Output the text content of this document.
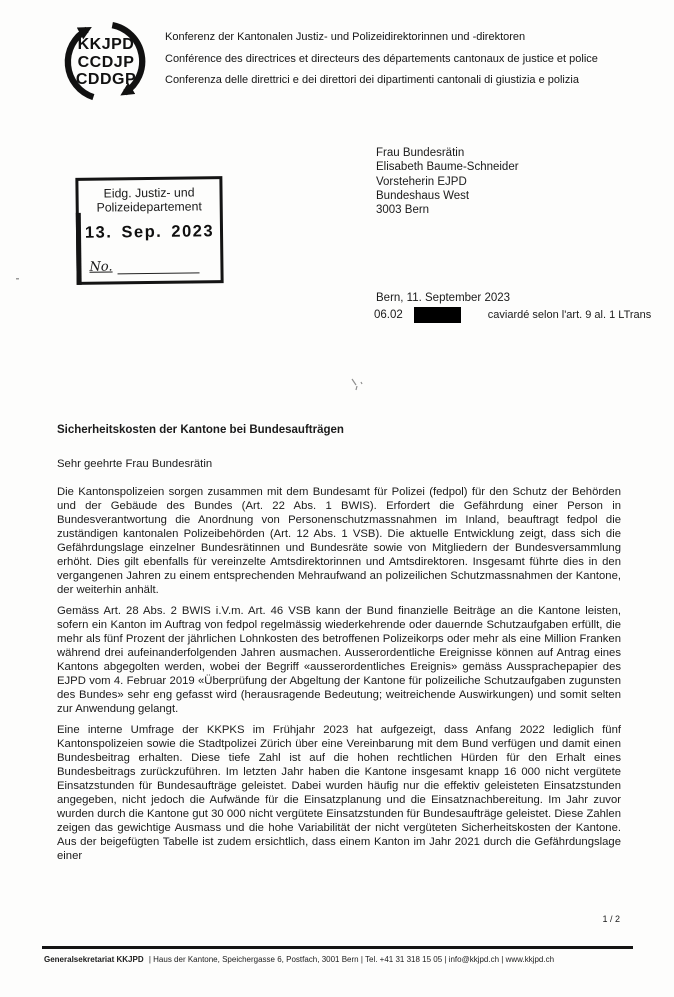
KKJPD
CCDJP
CDDGP
Konferenz der Kantonalen Justiz- und Polizeidirektorinnen und -direktoren
Conférence des directrices et directeurs des départements cantonaux de justice et police
Conferenza delle direttrici e dei direttori dei dipartimenti cantonali di giustizia e polizia
Eidg. Justiz- und
Polizeidepartement
13. Sep. 2023
No.
Frau Bundesrätin
Elisabeth Baume-Schneider
Vorsteherin EJPD
Bundeshaus West
3003 Bern
Bern, 11. September 2023
06.02	caviardé selon l'art. 9 al. 1 LTrans
Sicherheitskosten der Kantone bei Bundesaufträgen
Sehr geehrte Frau Bundesrätin

Die Kantonspolizeien sorgen zusammen mit dem Bundesamt für Polizei (fedpol) für den Schutz der Behörden und der Gebäude des Bundes (Art. 22 Abs. 1 BWIS). Erfordert die Gefährdung einer Person in Bundesverantwortung die Anordnung von Personenschutzmassnahmen im Inland, beauftragt fedpol die zuständigen kantonalen Polizeibehörden (Art. 12 Abs. 1 VSB). Die aktuelle Entwicklung zeigt, dass sich die Gefährdungslage einzelner Bundesrätinnen und Bundesräte sowie von Mitgliedern der Bundesversammlung erhöht. Dies gilt ebenfalls für vereinzelte Amtsdirektorinnen und Amtsdirektoren. Insgesamt führte dies in den vergangenen Jahren zu einem entsprechenden Mehraufwand an polizeilichen Schutzmassnahmen der Kantone, der weiterhin anhält.

Gemäss Art. 28 Abs. 2 BWIS i.V.m. Art. 46 VSB kann der Bund finanzielle Beiträge an die Kantone leisten, sofern ein Kanton im Auftrag von fedpol regelmässig wiederkehrende oder dauernde Schutzaufgaben erfüllt, die mehr als fünf Prozent der jährlichen Lohnkosten des betroffenen Polizeikorps oder mehr als eine Million Franken während drei aufeinanderfolgenden Jahren ausmachen. Ausserordentliche Ereignisse können auf Antrag eines Kantons abgegolten werden, wobei der Begriff «ausserordentliches Ereignis» gemäss Aussprachepapier des EJPD vom 4. Februar 2019 «Überprüfung der Abgeltung der Kantone für polizeiliche Schutzaufgaben zugunsten des Bundes» sehr eng gefasst wird (herausragende Bedeutung; weitreichende Auswirkungen) und somit selten zur Anwendung gelangt.

Eine interne Umfrage der KKPKS im Frühjahr 2023 hat aufgezeigt, dass Anfang 2022 lediglich fünf Kantonspolizeien sowie die Stadtpolizei Zürich über eine Vereinbarung mit dem Bund verfügen und damit einen Bundesbeitrag erhalten. Diese tiefe Zahl ist auf die hohen rechtlichen Hürden für den Erhalt eines Bundesbeitrags zurückzuführen. Im letzten Jahr haben die Kantone insgesamt knapp 16 000 nicht vergütete Einsatzstunden für Bundesaufträge geleistet. Dabei wurden häufig nur die effektiv geleisteten Einsatzstunden angegeben, nicht jedoch die Aufwände für die Einsatzplanung und die Einsatznachbereitung. Im Jahr zuvor wurden durch die Kantone gut 30 000 nicht vergütete Einsatzstunden für Bundesaufträge geleistet. Diese Zahlen zeigen das gewichtige Ausmass und die hohe Variabilität der nicht vergüteten Sicherheitskosten der Kantone. Aus der beigefügten Tabelle ist zudem ersichtlich, dass einem Kanton im Jahr 2021 durch die Gefährdungslage einer

1 / 2
Generalsekretariat KKJPD | Haus der Kantone, Speichergasse 6, Postfach, 3001 Bern | Tel. +41 31 318 15 05 | info@kkjpd.ch | www.kkjpd.ch
